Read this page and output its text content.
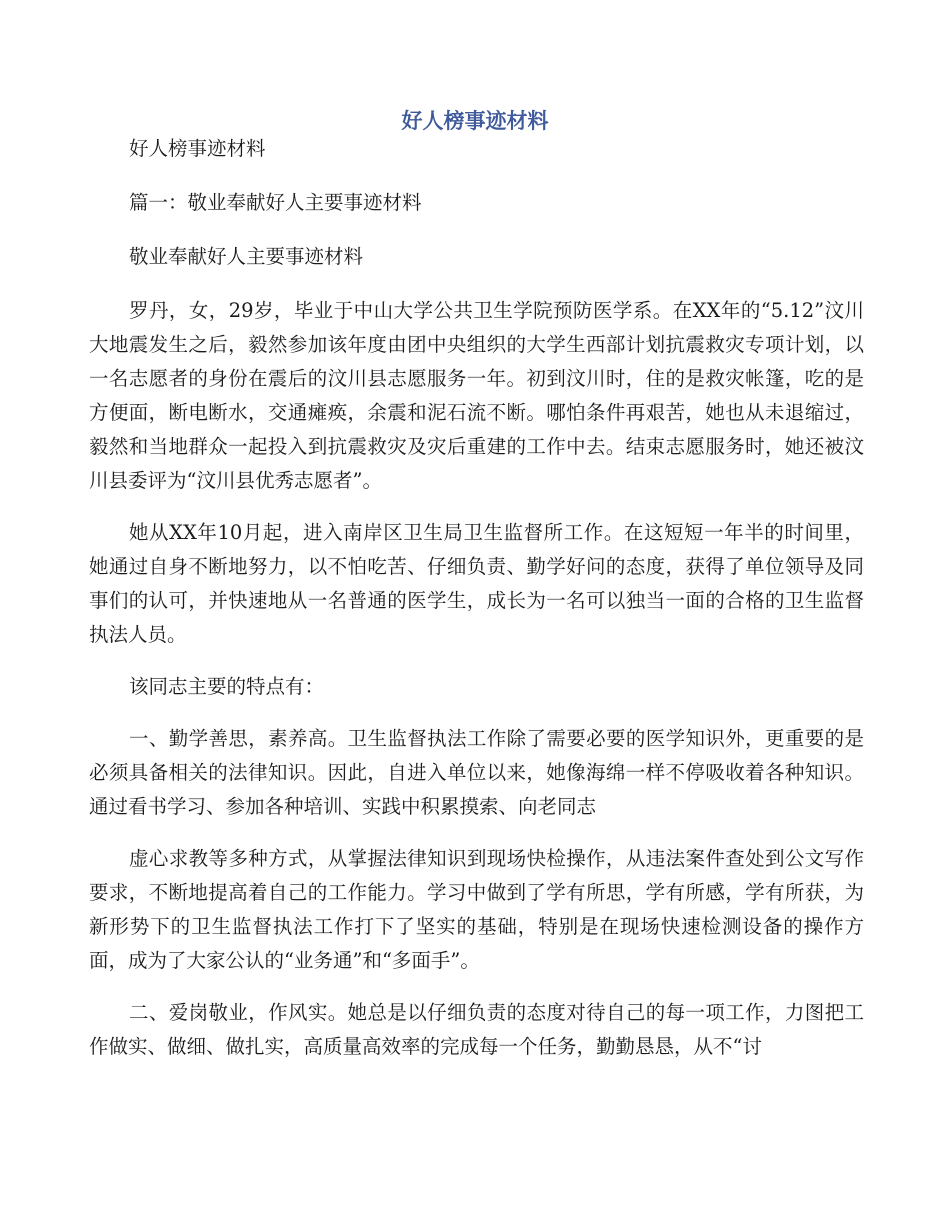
好人榜事迹材料

好人榜事迹材料

篇一：敬业奉献好人主要事迹材料

敬业奉献好人主要事迹材料

罗丹，女，29岁，毕业于中山大学公共卫生学院预防医学系。在XX年的“5.12”汶川大地震发生之后，毅然参加该年度由团中央组织的大学生西部计划抗震救灾专项计划，以一名志愿者的身份在震后的汶川县志愿服务一年。初到汶川时，住的是救灾帐篷，吃的是方便面，断电断水，交通瘫痪，余震和泥石流不断。哪怕条件再艰苦，她也从未退缩过，毅然和当地群众一起投入到抗震救灾及灾后重建的工作中去。结束志愿服务时，她还被汶川县委评为“汶川县优秀志愿者”。

她从XX年10月起，进入南岸区卫生局卫生监督所工作。在这短短一年半的时间里，她通过自身不断地努力，以不怕吃苦、仔细负责、勤学好问的态度，获得了单位领导及同事们的认可，并快速地从一名普通的医学生，成长为一名可以独当一面的合格的卫生监督执法人员。

该同志主要的特点有：

一、勤学善思，素养高。卫生监督执法工作除了需要必要的医学知识外，更重要的是必须具备相关的法律知识。因此，自进入单位以来，她像海绵一样不停吸收着各种知识。通过看书学习、参加各种培训、实践中积累摸索、向老同志

虚心求教等多种方式，从掌握法律知识到现场快检操作，从违法案件查处到公文写作要求，不断地提高着自己的工作能力。学习中做到了学有所思，学有所感，学有所获，为新形势下的卫生监督执法工作打下了坚实的基础，特别是在现场快速检测设备的操作方面，成为了大家公认的“业务通”和“多面手”。

二、爱岗敬业，作风实。她总是以仔细负责的态度对待自己的每一项工作，力图把工作做实、做细、做扎实，高质量高效率的完成每一个任务，勤勤恳恳，从不“讨
